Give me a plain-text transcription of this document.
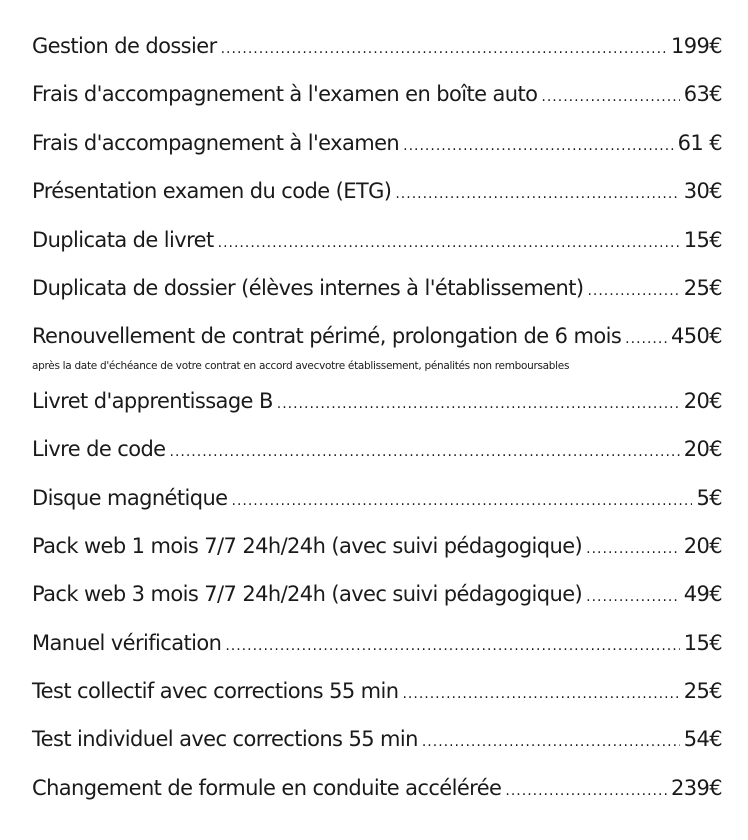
Gestion de dossier .....	199€
Frais d'accompagnement à l'examen en boîte auto .....	63€
Frais d'accompagnement à l'examen .....	61 €
Présentation examen du code (ETG) .....	30€
Duplicata de livret .....	15€
Duplicata de dossier (élèves internes à l'établissement) .....	25€
Renouvellement de contrat périmé, prolongation de 6 mois ..... 450€
après la date d'échéance de votre contrat en accord avecvotre établissement, pénalités non remboursables
Livret d'apprentissage B .....	20€
Livre de code .....	20€
Disque magnétique .....	5€
Pack web 1 mois 7/7 24h/24h (avec suivi pédagogique) .....	20€
Pack web 3 mois 7/7 24h/24h (avec suivi pédagogique) .....	49€
Manuel vérification .....	15€
Test collectif avec corrections 55 min .....	25€
Test individuel avec corrections 55 min .....	54€
Changement de formule en conduite accélérée .....	239€
